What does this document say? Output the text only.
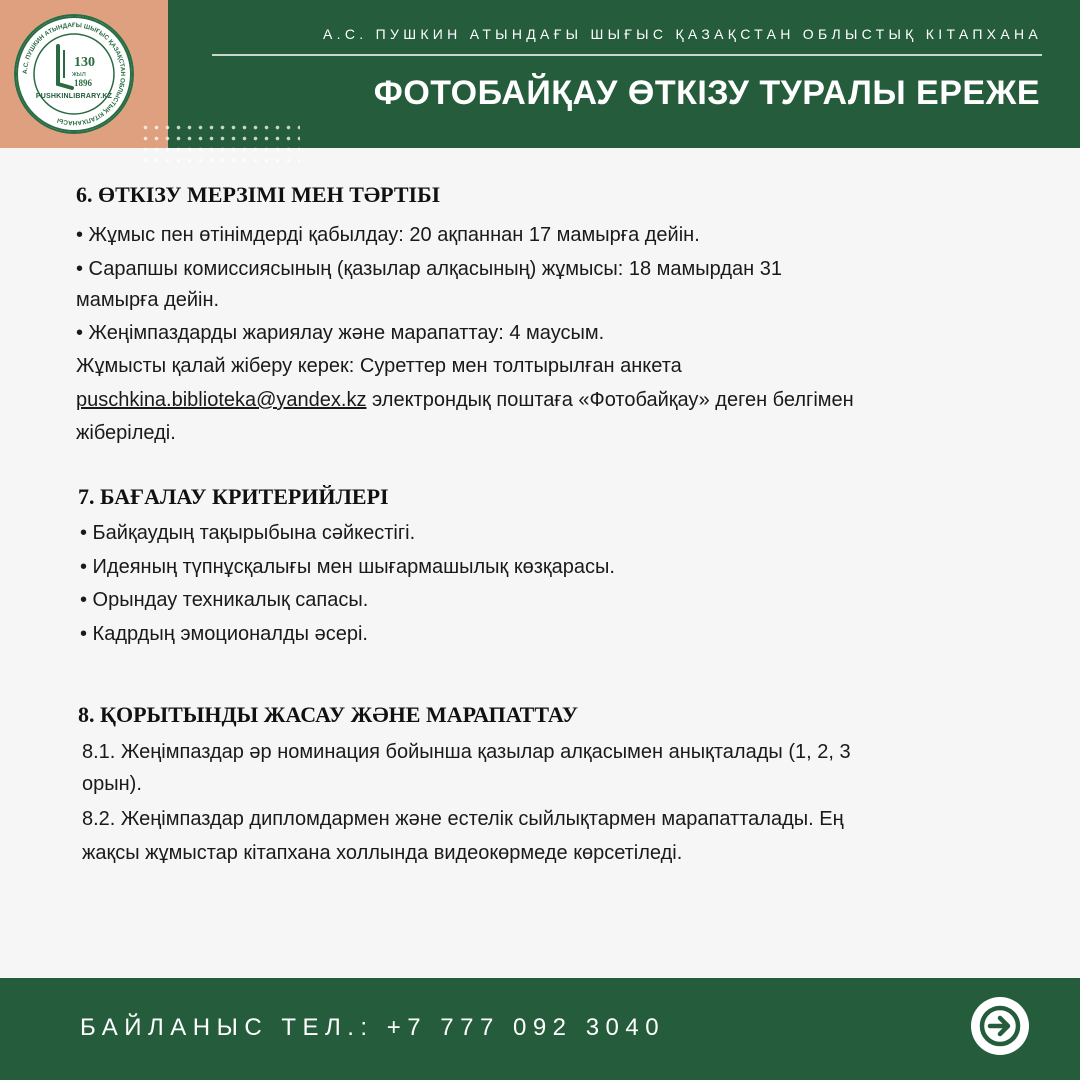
А.С. ПУШКИН АТЫНДАҒЫ ШЫҒЫС ҚАЗАҚСТАН ОБЛЫСТЫҚ КІТАПХАНАСЫ
130
жыл
1896
PUSHKINLIBRARY.KZ
А.С. ПУШКИН АТЫНДАҒЫ ШЫҒЫС ҚАЗАҚСТАН ОБЛЫСТЫҚ КІТАПХАНА
ФОТОБАЙҚАУ ӨТКІЗУ ТУРАЛЫ ЕРЕЖЕ
6. ӨТКІЗУ МЕРЗІМІ МЕН ТӘРТІБІ
• Жұмыс пен өтінімдерді қабылдау: 20 ақпаннан 17 мамырға дейін.
• Сарапшы комиссиясының (қазылар алқасының) жұмысы: 18 мамырдан 31
мамырға дейін.
• Жеңімпаздарды жариялау және марапаттау: 4 маусым.
Жұмысты қалай жіберу керек: Суреттер мен толтырылған анкета
puschkina.biblioteka@yandex.kz электрондық поштаға «Фотобайқау» деген белгімен
жіберіледі.
7. БАҒАЛАУ КРИТЕРИЙЛЕРІ
• Байқаудың тақырыбына сәйкестігі.
• Идеяның түпнұсқалығы мен шығармашылық көзқарасы.
• Орындау техникалық сапасы.
• Кадрдың эмоционалды әсері.
8. ҚОРЫТЫНДЫ ЖАСАУ ЖӘНЕ МАРАПАТТАУ
8.1. Жеңімпаздар әр номинация бойынша қазылар алқасымен анықталады (1, 2, 3
орын).
8.2. Жеңімпаздар дипломдармен және естелік сыйлықтармен марапатталады. Ең
жақсы жұмыстар кітапхана холлында видеокөрмеде көрсетіледі.
БАЙЛАНЫС ТЕЛ.: +7 777 092 3040
